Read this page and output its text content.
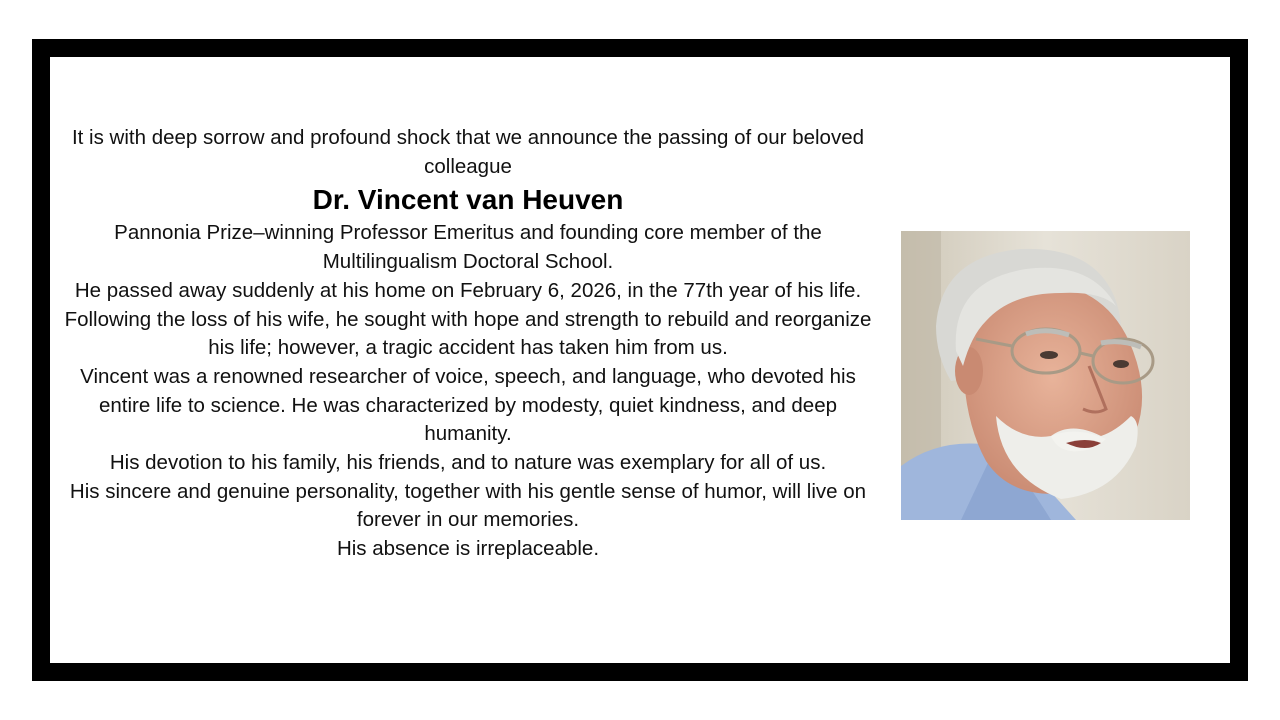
It is with deep sorrow and profound shock that we announce the passing of our beloved colleague

Dr. Vincent van Heuven

Pannonia Prize–winning Professor Emeritus and founding core member of the Multilingualism Doctoral School.

He passed away suddenly at his home on February 6, 2026, in the 77th year of his life.

Following the loss of his wife, he sought with hope and strength to rebuild and reorganize his life; however, a tragic accident has taken him from us.

Vincent was a renowned researcher of voice, speech, and language, who devoted his entire life to science. He was characterized by modesty, quiet kindness, and deep humanity.

His devotion to his family, his friends, and to nature was exemplary for all of us.

His sincere and genuine personality, together with his gentle sense of humor, will live on forever in our memories.

His absence is irreplaceable.
